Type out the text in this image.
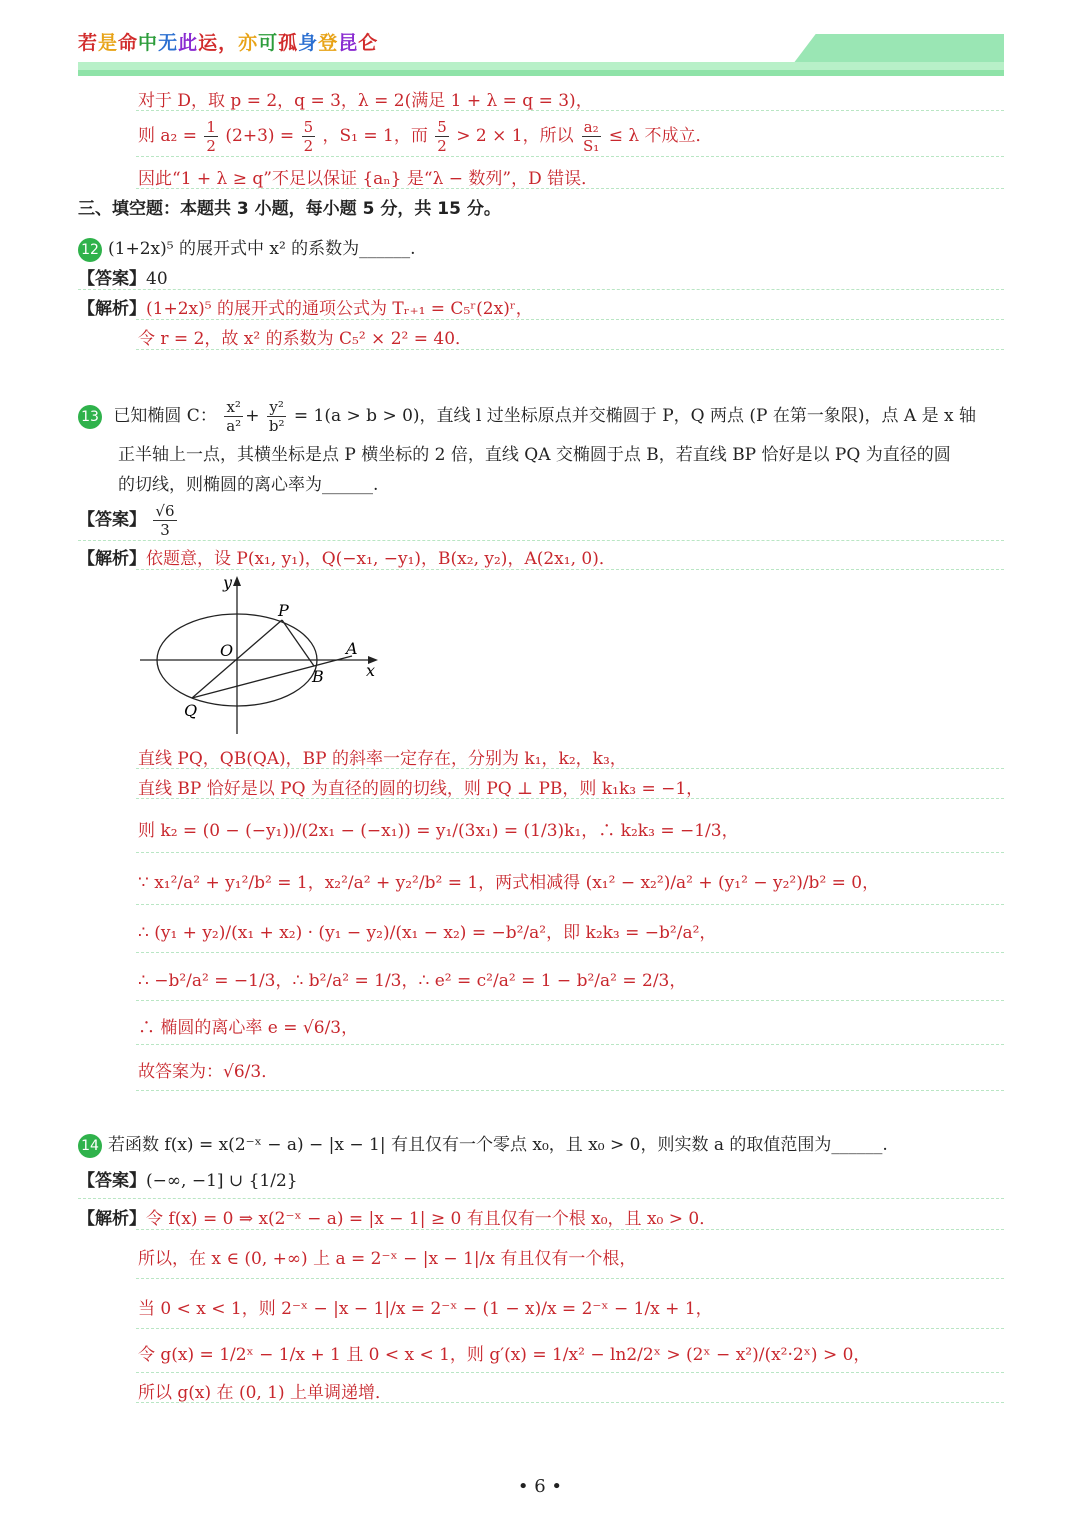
若是命中无此运，亦可孤身登昆仑
对于 D，取 p = 2，q = 3，λ = 2(满足 1 + λ = q = 3)，
则 $a_2 = \frac{1}{2} (2+3) = \frac{5}{2}$ ，S₁ = 1，而 $\frac{5}{2} > 2 \times 1$，所以 $\frac{\text{a₂}}{\text{S₁}} \le \lambda$ 不成立．
因此“1 + λ ≥ q”不足以保证 {aₙ} 是“λ − 数列”，D 错误．
三、填空题：本题共 3 小题，每小题 5 分，共 15 分。
12 (1+2x)⁵ 的展开式中 x² 的系数为______.
【答案】40
【解析】(1+2x)⁵ 的展开式的通项公式为 Tᵣ₊₁ = C₅ʳ(2x)ʳ，
令 r = 2，故 x² 的系数为 C₅² × 2² = 40．
13 已知椭圆 C： $\frac{\text{x²}}{\text{a²}} + \frac{\text{y²}}{\text{b²}} = 1(a > b > 0)$，直线 l 过坐标原点并交椭圆于 P，Q 两点 (P 在第一象限)，点 A 是 x 轴
正半轴上一点，其横坐标是点 P 横坐标的 2 倍，直线 QA 交椭圆于点 B，若直线 BP 恰好是以 PQ 为直径的圆
的切线，则椭圆的离心率为______.
【答案】 $\frac{√6}{3}$
【解析】依题意，设 P(x₁, y₁)，Q(−x₁, −y₁)，B(x₂, y₂)，A(2x₁, 0)．
y
x
O
P
A
B
Q
直线 PQ，QB(QA)，BP 的斜率一定存在，分别为 k₁，k₂，k₃，
直线 BP 恰好是以 PQ 为直径的圆的切线，则 PQ ⊥ PB，则 k₁k₃ = −1，
则 k₂ = (0 − (−y₁))/(2x₁ − (−x₁)) = y₁/(3x₁) = (1/3)k₁，∴ k₂k₃ = −1/3，
∵ x₁²/a² + y₁²/b² = 1，x₂²/a² + y₂²/b² = 1，两式相减得 (x₁² − x₂²)/a² + (y₁² − y₂²)/b² = 0，
∴ (y₁ + y₂)/(x₁ + x₂) · (y₁ − y₂)/(x₁ − x₂) = −b²/a²，即 k₂k₃ = −b²/a²，
∴ −b²/a² = −1/3，∴ b²/a² = 1/3，∴ e² = c²/a² = 1 − b²/a² = 2/3，
∴ 椭圆的离心率 e = √6/3，
故答案为：√6/3．
14 若函数 f(x) = x(2⁻ˣ − a) − |x − 1| 有且仅有一个零点 x₀，且 x₀ > 0，则实数 a 的取值范围为______.
【答案】(−∞, −1] ∪ {1/2}
【解析】令 f(x) = 0 ⇒ x(2⁻ˣ − a) = |x − 1| ≥ 0 有且仅有一个根 x₀，且 x₀ > 0．
所以，在 x ∈ (0, +∞) 上 a = 2⁻ˣ − |x − 1|/x 有且仅有一个根，
当 0 < x < 1，则 2⁻ˣ − |x − 1|/x = 2⁻ˣ − (1 − x)/x = 2⁻ˣ − 1/x + 1，
令 g(x) = 1/2ˣ − 1/x + 1 且 0 < x < 1，则 g′(x) = 1/x² − ln2/2ˣ > (2ˣ − x²)/(x²·2ˣ) > 0，
所以 g(x) 在 (0, 1) 上单调递增．
• 6 •
